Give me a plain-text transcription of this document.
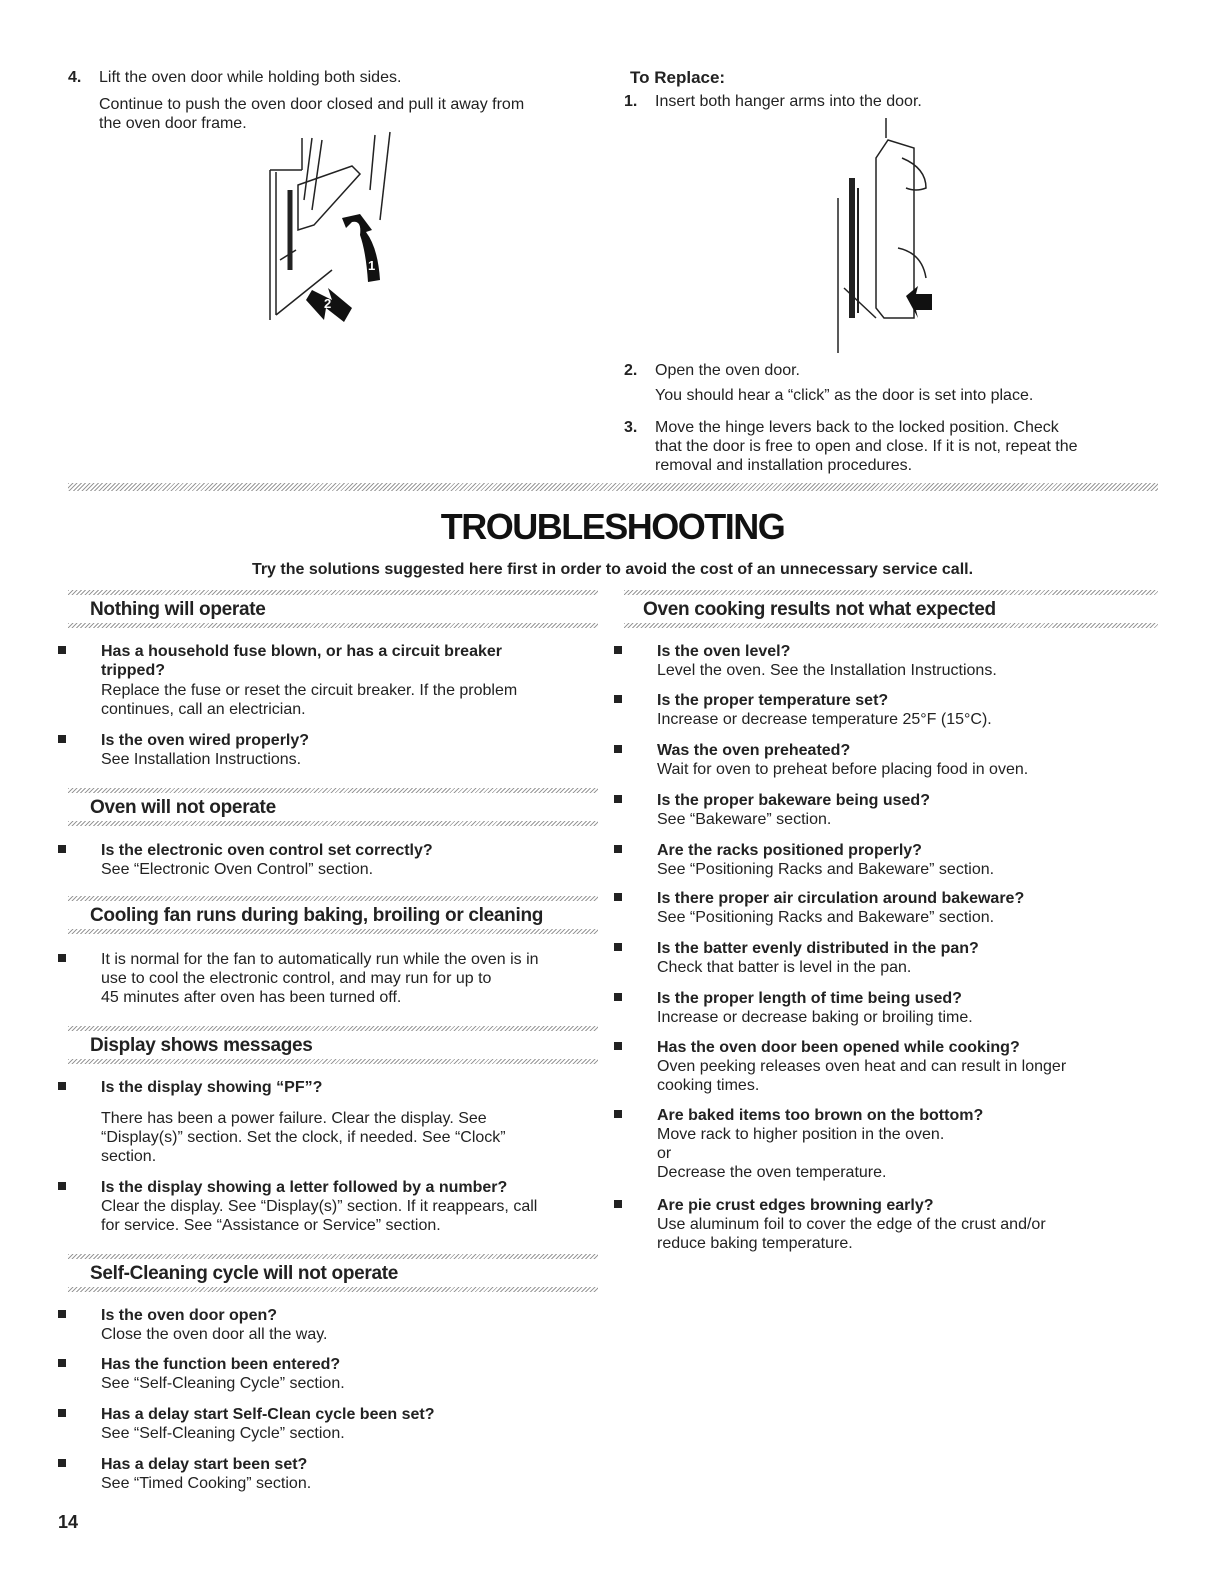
4. Lift the oven door while holding both sides.
Continue to push the oven door closed and pull it away from
the oven door frame.
1
2
To Replace:
1. Insert both hanger arms into the door.
2. Open the oven door.
You should hear a “click” as the door is set into place.
3. Move the hinge levers back to the locked position. Check
that the door is free to open and close. If it is not, repeat the
removal and installation procedures.
TROUBLESHOOTING
Try the solutions suggested here first in order to avoid the cost of an unnecessary service call.
Nothing will operate
Has a household fuse blown, or has a circuit breaker
tripped?
Replace the fuse or reset the circuit breaker. If the problem
continues, call an electrician.
Is the oven wired properly?
See Installation Instructions.
Oven will not operate
Is the electronic oven control set correctly?
See “Electronic Oven Control” section.
Cooling fan runs during baking, broiling or cleaning
It is normal for the fan to automatically run while the oven is in
use to cool the electronic control, and may run for up to
45 minutes after oven has been turned off.
Display shows messages
Is the display showing “PF”?
There has been a power failure. Clear the display. See
“Display(s)” section. Set the clock, if needed. See “Clock”
section.
Is the display showing a letter followed by a number?
Clear the display. See “Display(s)” section. If it reappears, call
for service. See “Assistance or Service” section.
Self-Cleaning cycle will not operate
Is the oven door open?
Close the oven door all the way.
Has the function been entered?
See “Self-Cleaning Cycle” section.
Has a delay start Self-Clean cycle been set?
See “Self-Cleaning Cycle” section.
Has a delay start been set?
See “Timed Cooking” section.
Oven cooking results not what expected
Is the oven level?
Level the oven. See the Installation Instructions.
Is the proper temperature set?
Increase or decrease temperature 25°F (15°C).
Was the oven preheated?
Wait for oven to preheat before placing food in oven.
Is the proper bakeware being used?
See “Bakeware” section.
Are the racks positioned properly?
See “Positioning Racks and Bakeware” section.
Is there proper air circulation around bakeware?
See “Positioning Racks and Bakeware” section.
Is the batter evenly distributed in the pan?
Check that batter is level in the pan.
Is the proper length of time being used?
Increase or decrease baking or broiling time.
Has the oven door been opened while cooking?
Oven peeking releases oven heat and can result in longer
cooking times.
Are baked items too brown on the bottom?
Move rack to higher position in the oven.
or
Decrease the oven temperature.
Are pie crust edges browning early?
Use aluminum foil to cover the edge of the crust and/or
reduce baking temperature.
14
